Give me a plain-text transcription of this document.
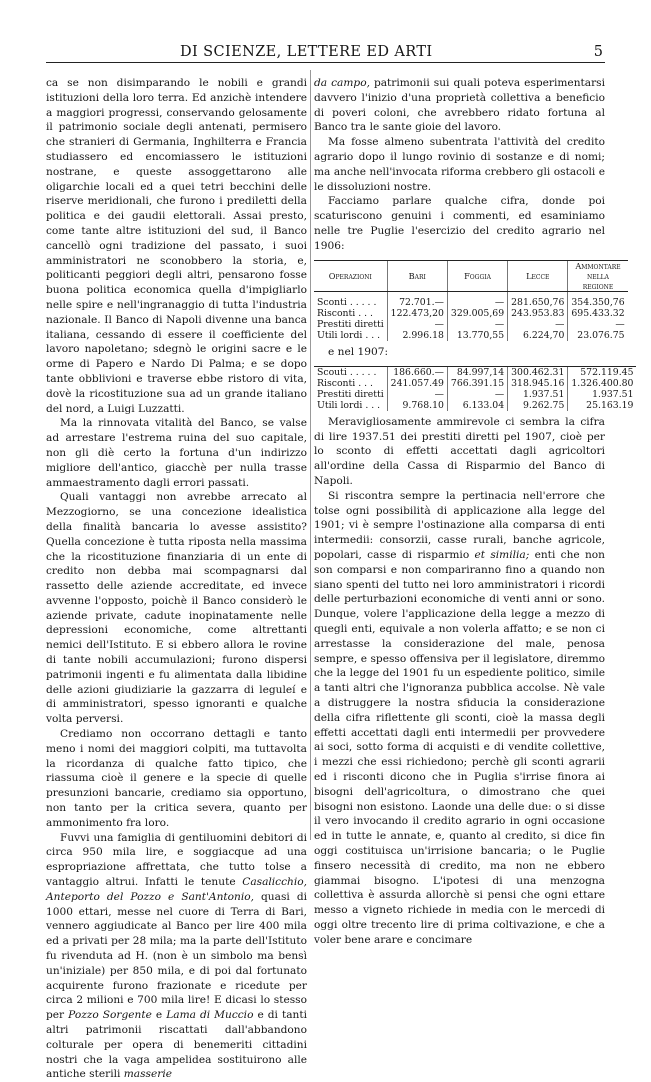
DI SCIENZE, LETTERE ED ARTI	5

ca se non disimparando le nobili e grandi istituzioni della loro terra. Ed anzichè intendere a maggiori progressi, conservando gelosamente il patrimonio sociale degli antenati, permisero che stranieri di Germania, Inghilterra e Francia studiassero ed encomiassero le istituzioni nostrane, e queste assoggettarono alle oligarchie locali ed a quei tetri becchini delle riserve meridionali, che furono i prediletti della politica e dei gaudii elettorali. Assai presto, come tante altre istituzioni del sud, il Banco cancellò ogni tradizione del passato, i suoi amministratori ne sconobbero la storia, e, politicanti peggiori degli altri, pensarono fosse buona politica economica quella d'impigliarlo nelle spire e nell'ingranaggio di tutta l'industria nazionale. Il Banco di Napoli divenne una banca italiana, cessando di essere il coefficiente del lavoro napoletano; sdegnò le origini sacre e le orme di Papero e Nardo Di Palma; e se dopo tante obblivioni e traverse ebbe ristoro di vita, dovè la ricostituzione sua ad un grande italiano del nord, a Luigi Luzzatti.

Ma la rinnovata vitalità del Banco, se valse ad arrestare l'estrema ruina del suo capitale, non gli diè certo la fortuna d'un indirizzo migliore dell'antico, giacchè per nulla trasse ammaestramento dagli errori passati.

Quali vantaggi non avrebbe arrecato al Mezzogiorno, se una concezione idealistica della finalità bancaria lo avesse assistito? Quella concezione è tutta riposta nella massima che la ricostituzione finanziaria di un ente di credito non debba mai scompagnarsi dal rassetto delle aziende accreditate, ed invece avvenne l'opposto, poichè il Banco considerò le aziende private, cadute inopinatamente nelle depressioni economiche, come altrettanti nemici dell'Istituto. E si ebbero allora le rovine di tante nobili accumulazioni; furono dispersi patrimonii ingenti e fu alimentata dalla libidine delle azioni giudiziarie la gazzarra di leguleí e di amministratori, spesso ignoranti e qualche volta perversi.

Crediamo non occorrano dettagli e tanto meno i nomi dei maggiori colpiti, ma tuttavolta la ricordanza di qualche fatto tipico, che riassuma cioè il genere e la specie di quelle presunzioni bancarie, crediamo sia opportuno, non tanto per la critica severa, quanto per ammonimento fra loro.

Fuvvi una famiglia di gentiluomini debitori di circa 950 mila lire, e soggiacque ad una espropriazione affrettata, che tutto tolse a vantaggio altrui. Infatti le tenute Casalicchio, Anteporto del Pozzo e Sant'Antonio, quasi di 1000 ettari, messe nel cuore di Terra di Bari, vennero aggiudicate al Banco per lire 400 mila ed a privati per 28 mila; ma la parte dell'Istituto fu rivenduta ad H. (non è un simbolo ma bensì un'iniziale) per 850 mila, e di poi dal fortunato acquirente furono frazionate e ricedute per circa 2 milioni e 700 mila lire! E dicasi lo stesso per Pozzo Sorgente e Lama di Muccio e di tanti altri patrimonii riscattati dall'abbandono colturale per opera di benemeriti cittadini nostri che la vaga ampelidea sostituirono alle antiche sterili masserie

da campo, patrimonii sui quali poteva esperimentarsi davvero l'inizio d'una proprietà collettiva a beneficio di poveri coloni, che avrebbero ridato fortuna al Banco tra le sante gioie del lavoro.

Ma fosse almeno subentrata l'attività del credito agrario dopo il lungo rovinio di sostanze e di nomi; ma anche nell'invocata riforma crebbero gli ostacoli e le dissoluzioni nostre.

Facciamo parlare qualche cifra, donde poi scaturiscono genuini i commenti, ed esaminiamo nelle tre Puglie l'esercizio del credito agrario nel 1906:

Operazioni	Bari	Foggia	Lecce	Ammontare nella regione

Sconti . . . . .	72.701.—	—	281.650,76	354.350,76
Risconti . . .	122.473,20	329.005,69	243.953.83	695.433.32
Prestiti diretti	—	—	—	—
Utili lordi . . .	2.996.18	13.770,55	6.224,70	23.076.75

e nel 1907:

Scouti . . . . .	186.660.—	84.997,14	300.462.31	572.119.45
Risconti . . .	241.057.49	766.391.15	318.945.16	1.326.400.80
Prestiti diretti	—	—	1.937.51	1.937.51
Utili lordi . . .	9.768.10	6.133.04	9.262.75	25.163.19

Meravigliosamente ammirevole ci sembra la cifra di lire 1937.51 dei prestiti diretti pel 1907, cioè per lo sconto di effetti accettati dagli agricoltori all'ordine della Cassa di Risparmio del Banco di Napoli.

Si riscontra sempre la pertinacia nell'errore che tolse ogni possibilità di applicazione alla legge del 1901; vi è sempre l'ostinazione alla comparsa di enti intermedii: consorzii, casse rurali, banche agricole, popolari, casse di risparmio et similia; enti che non son comparsi e non compariranno fino a quando non siano spenti del tutto nei loro amministratori i ricordi delle perturbazioni economiche di venti anni or sono. Dunque, volere l'applicazione della legge a mezzo di quegli enti, equivale a non volerla affatto; e se non ci arrestasse la considerazione del male, penosa sempre, e spesso offensiva per il legislatore, diremmo che la legge del 1901 fu un espediente politico, simile a tanti altri che l'ignoranza pubblica accolse. Nè vale a distruggere la nostra sfiducia la considerazione della cifra riflettente gli sconti, cioè la massa degli effetti accettati dagli enti intermedii per provvedere ai soci, sotto forma di acquisti e di vendite collettive, i mezzi che essi richiedono; perchè gli sconti agrarii ed i risconti dicono che in Puglia s'irrise finora ai bisogni dell'agricoltura, o dimostrano che quei bisogni non esistono. Laonde una delle due: o si disse il vero invocando il credito agrario in ogni occasione ed in tutte le annate, e, quanto al credito, si dice fin oggi costituisca un'irrisione bancaria; o le Puglie finsero necessità di credito, ma non ne ebbero giammai bisogno. L'ipotesi di una menzogna collettiva è assurda allorchè si pensi che ogni ettare messo a vigneto richiede in media con le mercedi di oggi oltre trecento lire di prima coltivazione, e che a voler bene arare e concimare
